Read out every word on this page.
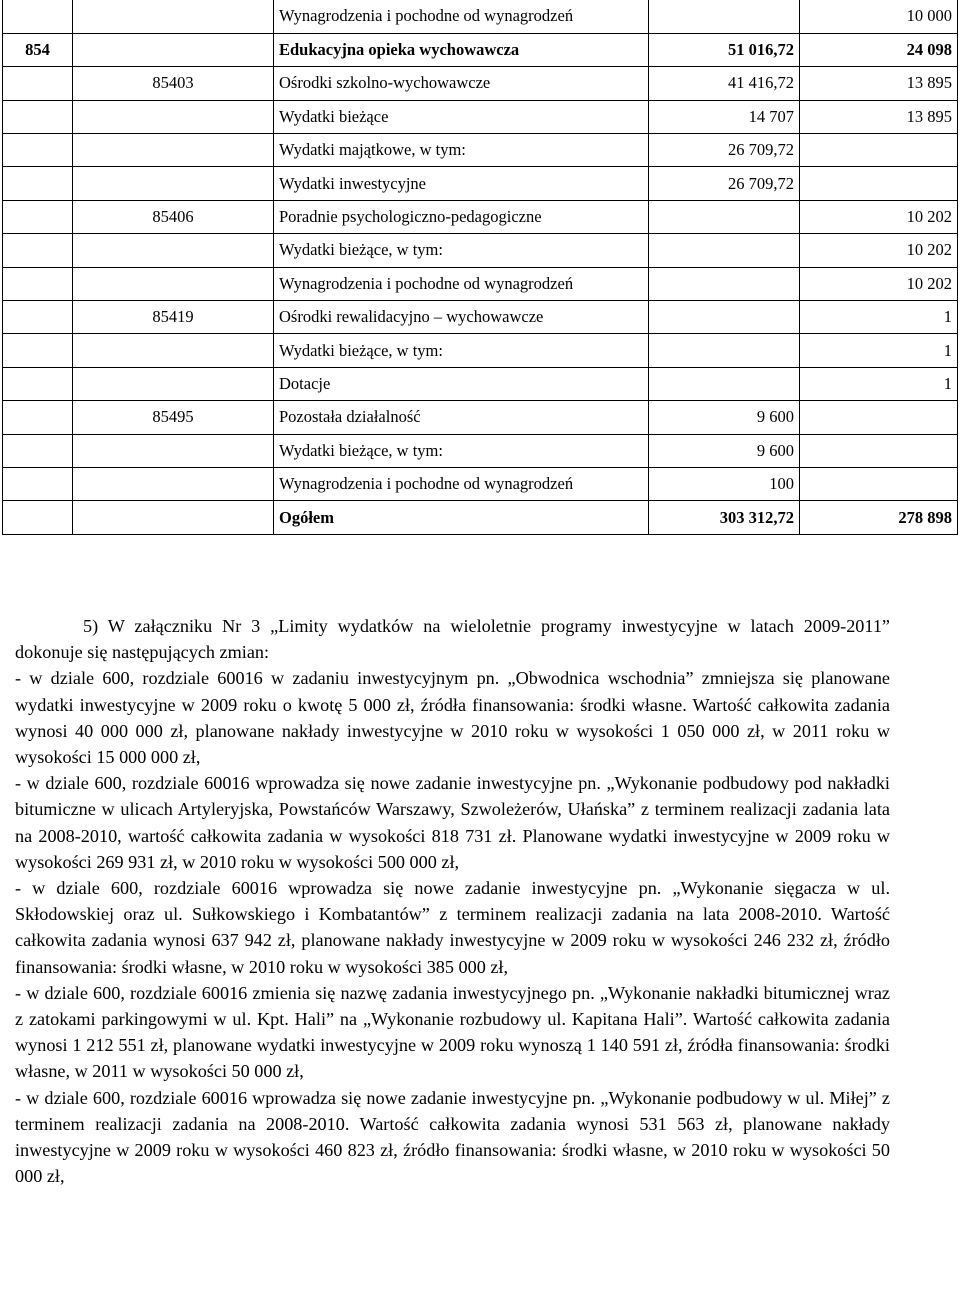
		Wynagrodzenia i pochodne od wynagrodzeń		10 000
854		Edukacyjna opieka wychowawcza	51 016,72	24 098
	85403	Ośrodki szkolno-wychowawcze	41 416,72	13 895
		Wydatki bieżące	14 707	13 895
		Wydatki majątkowe, w tym:	26 709,72	
		Wydatki inwestycyjne	26 709,72	
	85406	Poradnie psychologiczno-pedagogiczne		10 202
		Wydatki bieżące, w tym:		10 202
		Wynagrodzenia i pochodne od wynagrodzeń		10 202
	85419	Ośrodki rewalidacyjno – wychowawcze		1
		Wydatki bieżące, w tym:		1
		Dotacje		1
	85495	Pozostała działalność	9 600	
		Wydatki bieżące, w tym:	9 600	
		Wynagrodzenia i pochodne od wynagrodzeń	100	
		Ogółem	303 312,72	278 898

5) W załączniku Nr 3 „Limity wydatków na wieloletnie programy inwestycyjne w latach 2009-2011” dokonuje się następujących zmian:

- w dziale 600, rozdziale 60016 w zadaniu inwestycyjnym pn. „Obwodnica wschodnia” zmniejsza się planowane wydatki inwestycyjne w 2009 roku o kwotę 5 000 zł, źródła finansowania: środki własne. Wartość całkowita zadania wynosi 40 000 000 zł, planowane nakłady inwestycyjne w 2010 roku w wysokości 1 050 000 zł, w 2011 roku w wysokości 15 000 000 zł,

- w dziale 600, rozdziale 60016 wprowadza się nowe zadanie inwestycyjne pn. „Wykonanie podbudowy pod nakładki bitumiczne w ulicach Artyleryjska, Powstańców Warszawy, Szwoleżerów, Ułańska” z terminem realizacji zadania lata na 2008-2010, wartość całkowita zadania w wysokości 818 731 zł. Planowane wydatki inwestycyjne w 2009 roku w wysokości 269 931 zł, w 2010 roku w wysokości 500 000 zł,

- w dziale 600, rozdziale 60016 wprowadza się nowe zadanie inwestycyjne pn. „Wykonanie sięgacza w ul. Skłodowskiej oraz ul. Sułkowskiego i Kombatantów” z terminem realizacji zadania na lata 2008-2010. Wartość całkowita zadania wynosi 637 942 zł, planowane nakłady inwestycyjne w 2009 roku w wysokości 246 232 zł, źródło finansowania: środki własne, w 2010 roku w wysokości 385 000 zł,

- w dziale 600, rozdziale 60016 zmienia się nazwę zadania inwestycyjnego pn. „Wykonanie nakładki bitumicznej wraz z zatokami parkingowymi w ul. Kpt. Hali” na „Wykonanie rozbudowy ul. Kapitana Hali”. Wartość całkowita zadania wynosi 1 212 551 zł, planowane wydatki inwestycyjne w 2009 roku wynoszą 1 140 591 zł, źródła finansowania: środki własne, w 2011 w wysokości 50 000 zł,

- w dziale 600, rozdziale 60016 wprowadza się nowe zadanie inwestycyjne pn. „Wykonanie podbudowy w ul. Miłej” z terminem realizacji zadania na 2008-2010. Wartość całkowita zadania wynosi 531 563 zł, planowane nakłady inwestycyjne w 2009 roku w wysokości 460 823 zł, źródło finansowania: środki własne, w 2010 roku w wysokości 50 000 zł,
